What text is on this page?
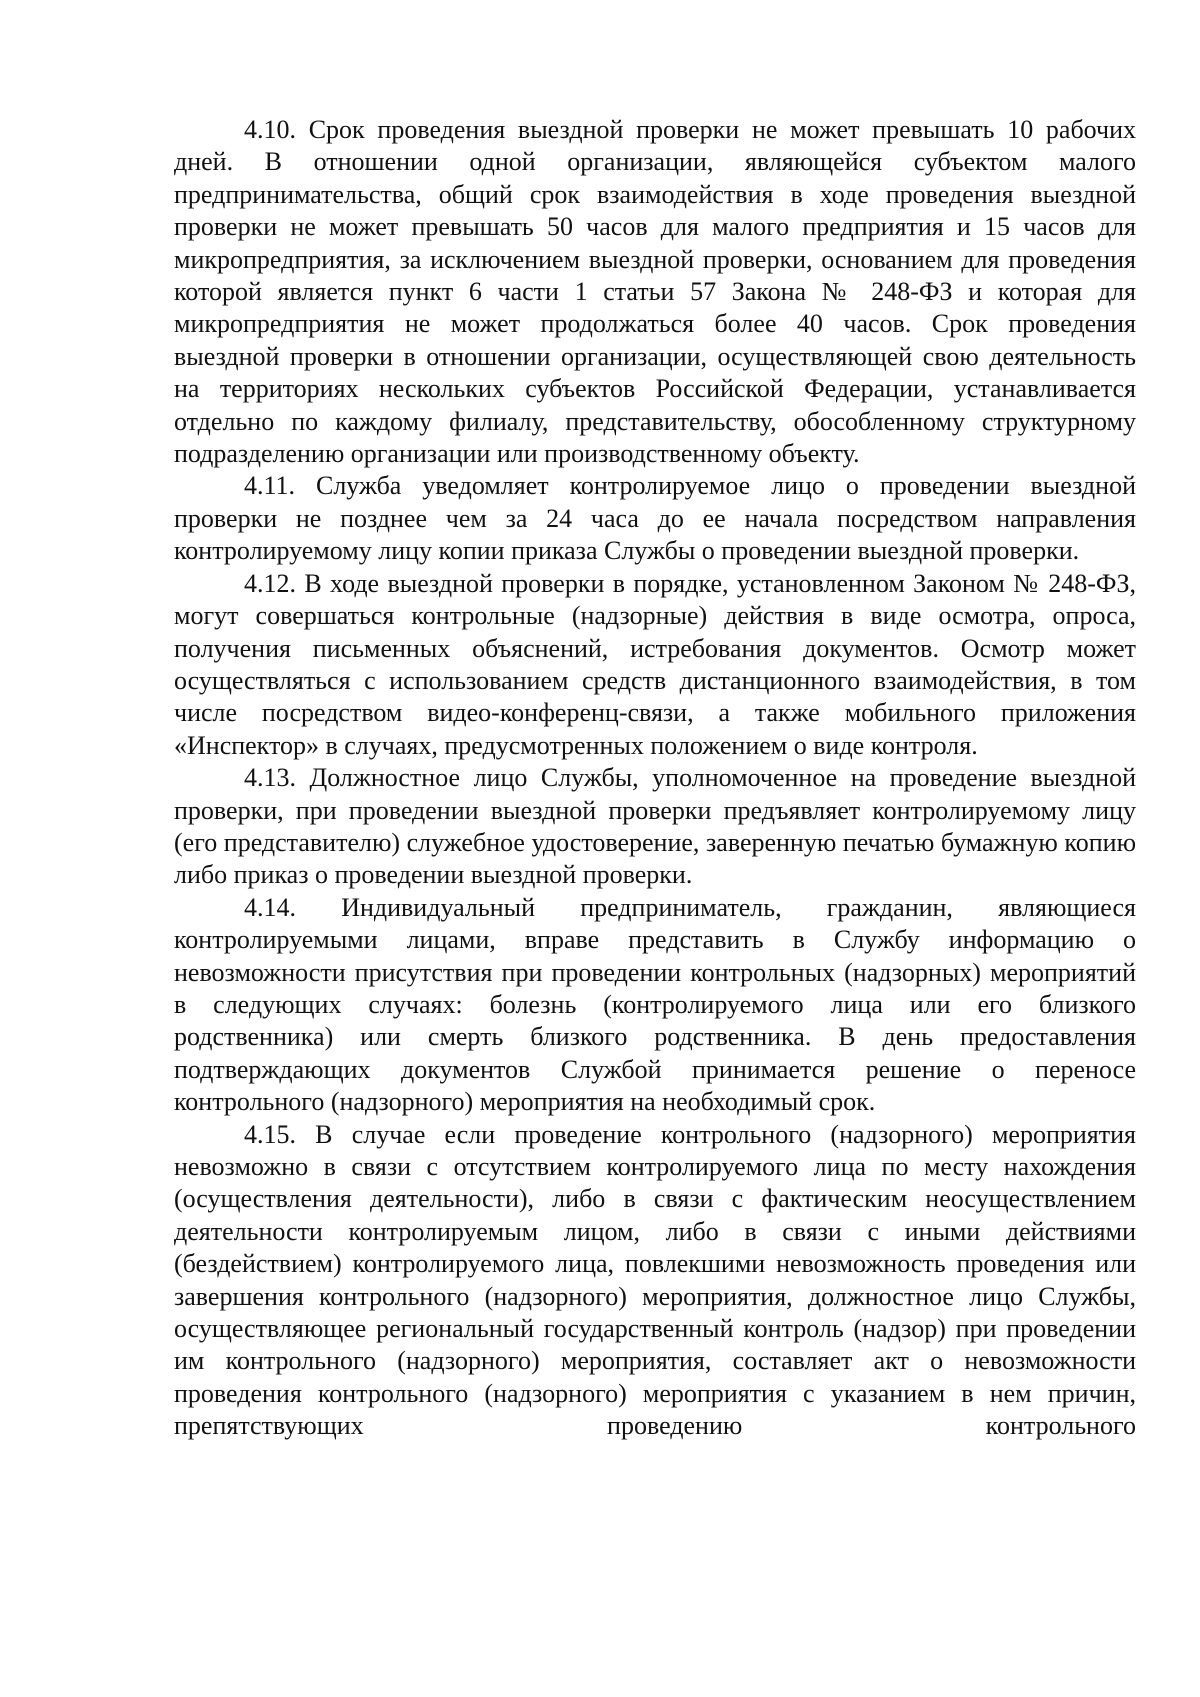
4.10. Срок проведения выездной проверки не может превышать 10 рабочих дней. В отношении одной организации, являющейся субъектом малого предпринимательства, общий срок взаимодействия в ходе проведения выездной проверки не может превышать 50 часов для малого предприятия и 15 часов для микропредприятия, за исключением выездной проверки, основанием для проведения которой является пункт 6 части 1 статьи 57 Закона № 248-ФЗ и которая для микропредприятия не может продолжаться более 40 часов. Срок проведения выездной проверки в отношении организации, осуществляющей свою деятельность на территориях нескольких субъектов Российской Федерации, устанавливается отдельно по каждому филиалу, представительству, обособленному структурному подразделению организации или производственному объекту.

4.11. Служба уведомляет контролируемое лицо о проведении выездной проверки не позднее чем за 24 часа до ее начала посредством направления контролируемому лицу копии приказа Службы о проведении выездной проверки.

4.12. В ходе выездной проверки в порядке, установленном Законом № 248-ФЗ, могут совершаться контрольные (надзорные) действия в виде осмотра, опроса, получения письменных объяснений, истребования документов. Осмотр может осуществляться с использованием средств дистанционного взаимодействия, в том числе посредством видео-конференц-связи, а также мобильного приложения «Инспектор» в случаях, предусмотренных положением о виде контроля.

4.13. Должностное лицо Службы, уполномоченное на проведение выездной проверки, при проведении выездной проверки предъявляет контролируемому лицу (его представителю) служебное удостоверение, заверенную печатью бумажную копию либо приказ о проведении выездной проверки.

4.14. Индивидуальный предприниматель, гражданин, являющиеся контролируемыми лицами, вправе представить в Службу информацию о невозможности присутствия при проведении контрольных (надзорных) мероприятий в следующих случаях: болезнь (контролируемого лица или его близкого родственника) или смерть близкого родственника. В день предоставления подтверждающих документов Службой принимается решение о переносе контрольного (надзорного) мероприятия на необходимый срок.

4.15. В случае если проведение контрольного (надзорного) мероприятия невозможно в связи с отсутствием контролируемого лица по месту нахождения (осуществления деятельности), либо в связи с фактическим неосуществлением деятельности контролируемым лицом, либо в связи с иными действиями (бездействием) контролируемого лица, повлекшими невозможность проведения или завершения контрольного (надзорного) мероприятия, должностное лицо Службы, осуществляющее региональный государственный контроль (надзор) при проведении им контрольного (надзорного) мероприятия, составляет акт о невозможности проведения контрольного (надзорного) мероприятия с указанием в нем причин, препятствующих проведению контрольного
